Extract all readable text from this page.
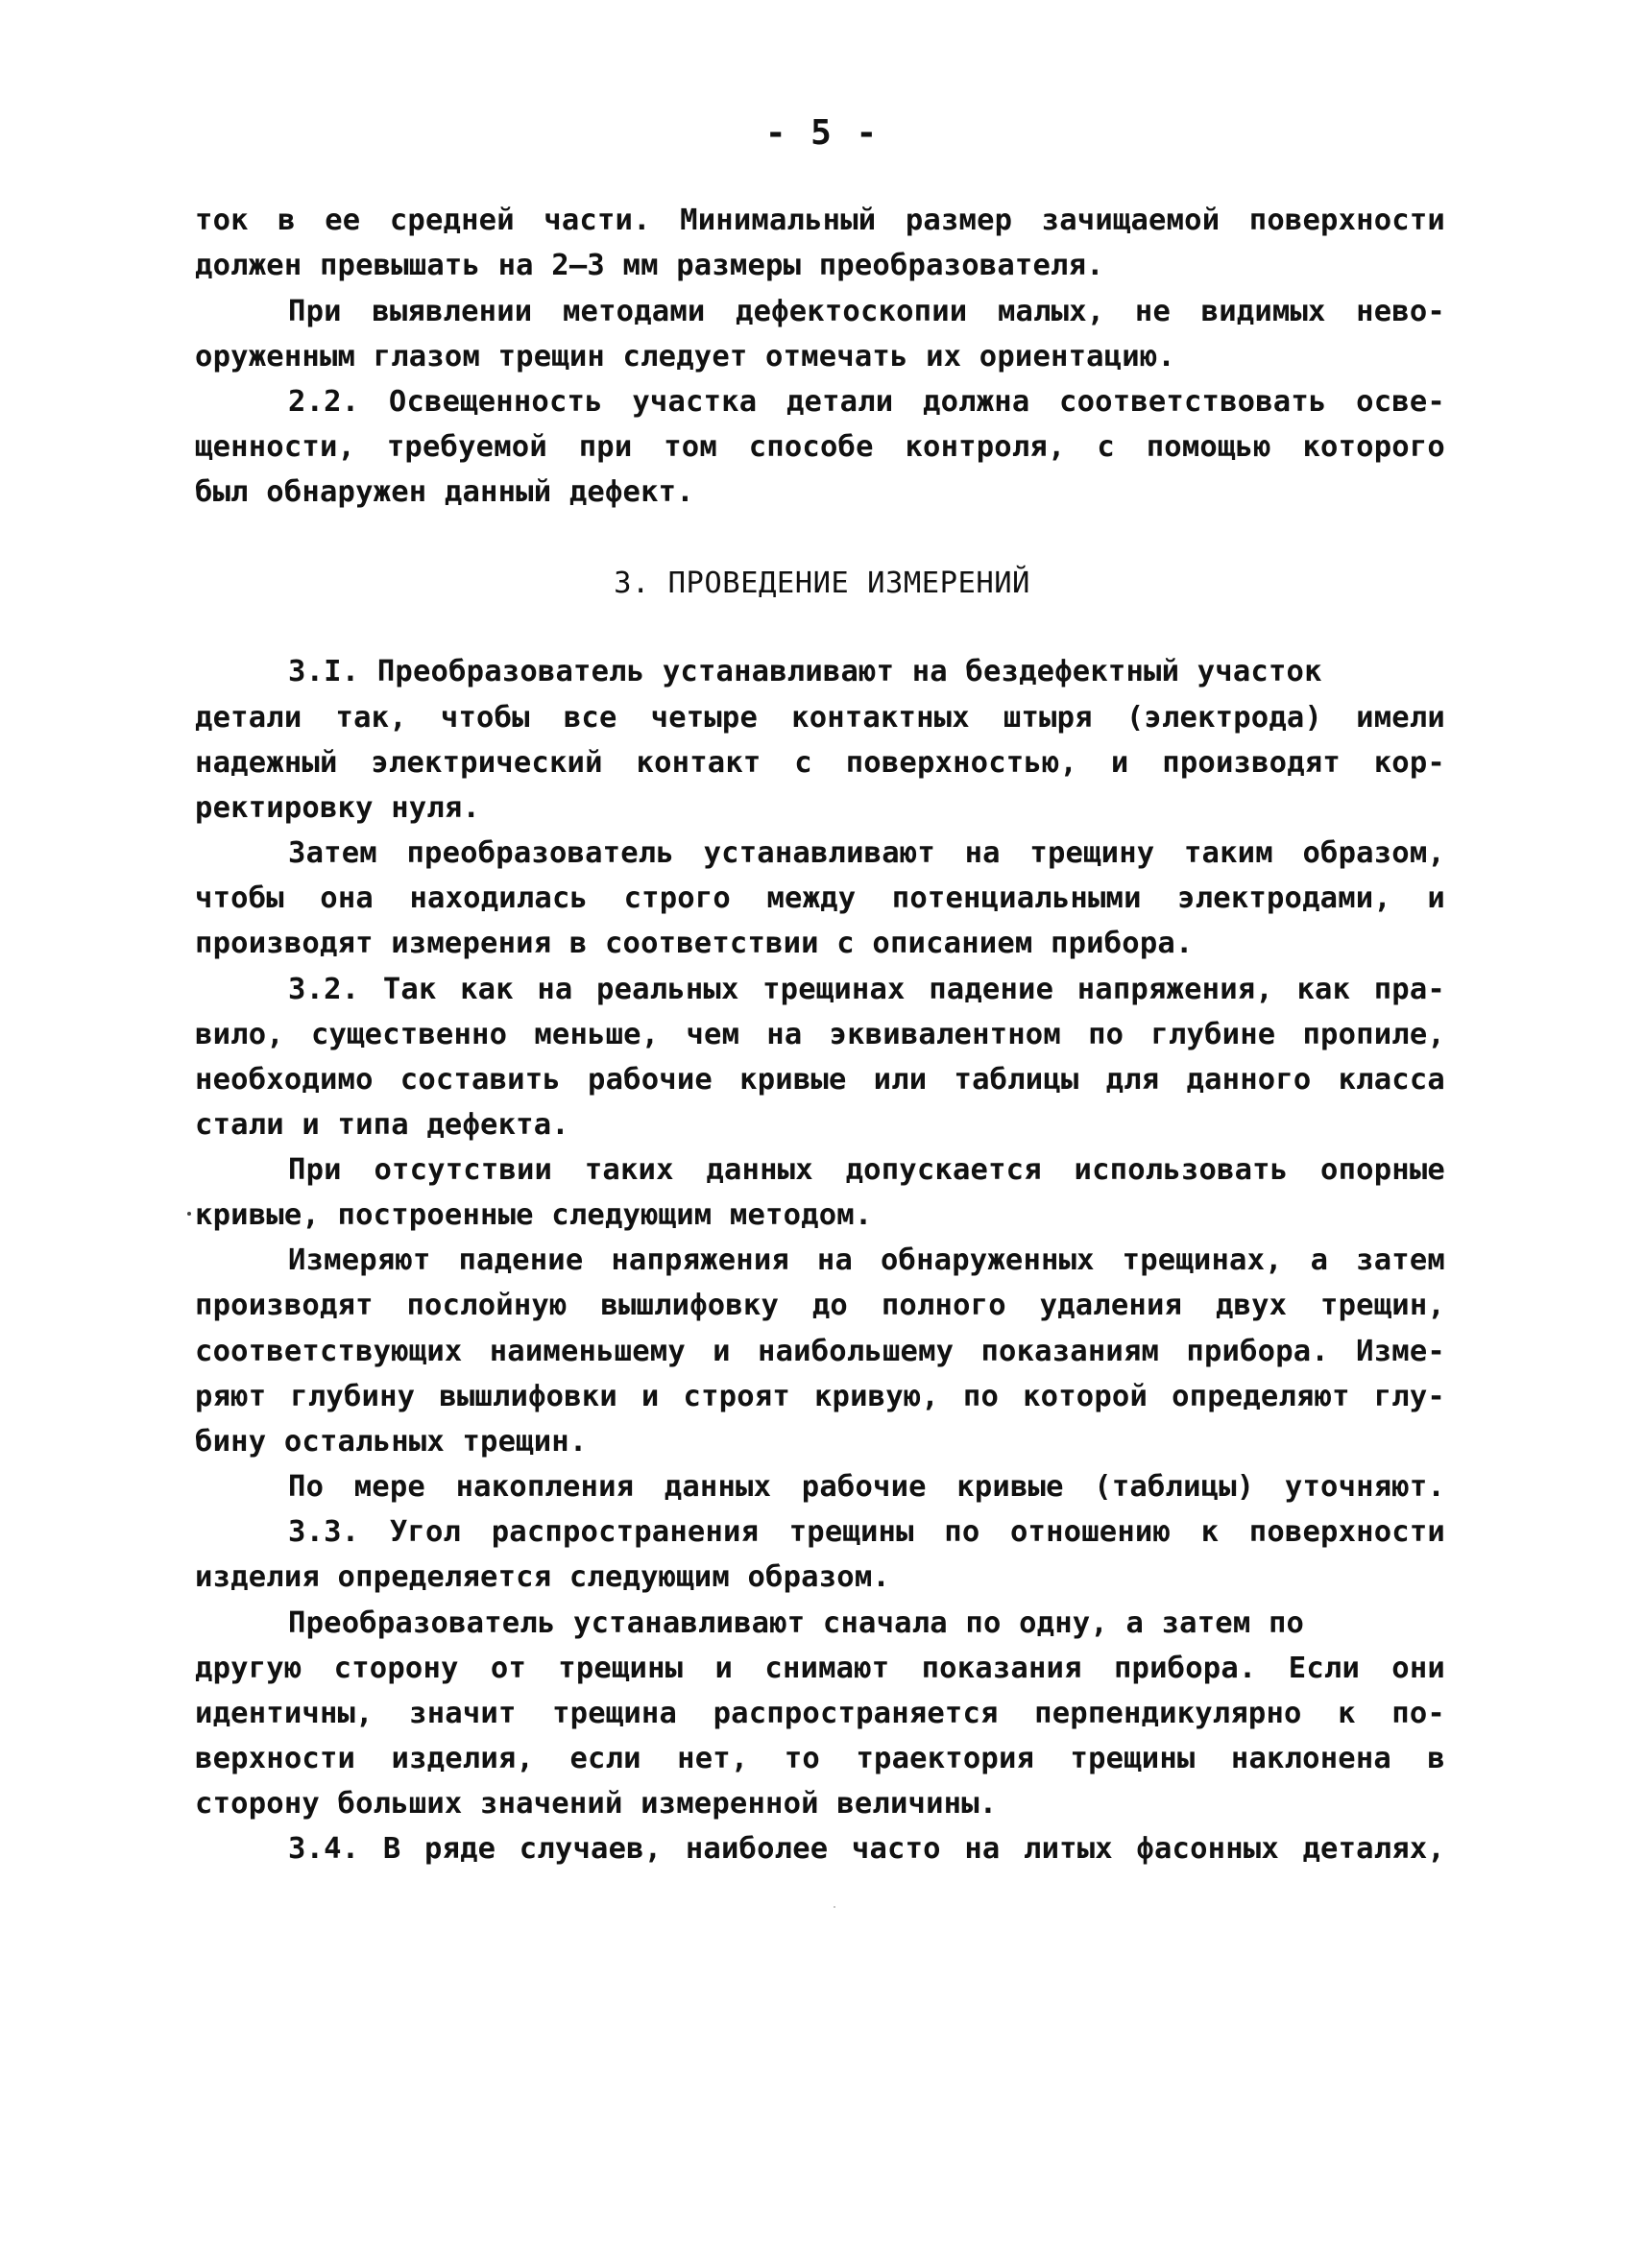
- 5 -
ток в ее средней части. Минимальный размер зачищаемой поверхности
должен превышать на 2–3 мм размеры преобразователя.
При выявлении методами дефектоскопии малых, не видимых нево-
оруженным глазом трещин следует отмечать их ориентацию.
2.2. Освещенность участка детали должна соответствовать осве-
щенности, требуемой при том способе контроля, с помощью которого
был обнаружен данный дефект.
3. ПРОВЕДЕНИЕ ИЗМЕРЕНИЙ
3.I. Преобразователь устанавливают на бездефектный участок
детали так, чтобы все четыре контактных штыря (электрода) имели
надежный электрический контакт с поверхностью, и производят кор-
ректировку нуля.
Затем преобразователь устанавливают на трещину таким образом,
чтобы она находилась строго между потенциальными электродами, и
производят измерения в соответствии с описанием прибора.
3.2. Так как на реальных трещинах падение напряжения, как пра-
вило, существенно меньше, чем на эквивалентном по глубине пропиле,
необходимо составить рабочие кривые или таблицы для данного класса
стали и типа дефекта.
При отсутствии таких данных допускается использовать опорные
кривые, построенные следующим методом.
Измеряют падение напряжения на обнаруженных трещинах, а затем
производят послойную вышлифовку до полного удаления двух трещин,
соответствующих наименьшему и наибольшему показаниям прибора. Изме-
ряют глубину вышлифовки и строят кривую, по которой определяют глу-
бину остальных трещин.
По мере накопления данных рабочие кривые (таблицы) уточняют.
3.3. Угол распространения трещины по отношению к поверхности
изделия определяется следующим образом.
Преобразователь устанавливают сначала по одну, а затем по
другую сторону от трещины и снимают показания прибора. Если они
идентичны, значит трещина распространяется перпендикулярно к по-
верхности изделия, если нет, то траектория трещины наклонена в
сторону больших значений измеренной величины.
3.4. В ряде случаев, наиболее часто на литых фасонных деталях,
